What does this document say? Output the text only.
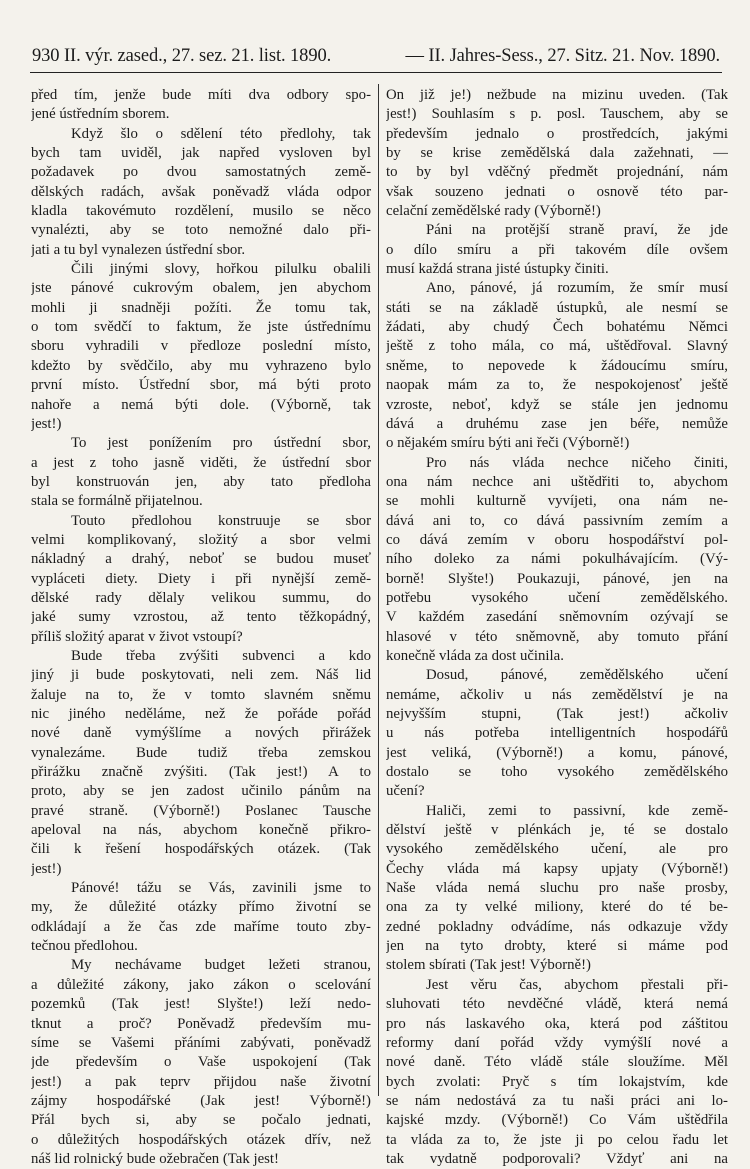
930 II. výr. zased., 27. sez. 21. list. 1890.	— II. Jahres-Sess., 27. Sitz. 21. Nov. 1890.
před tím, jenže bude míti dva odbory spo-
jené ústředním sborem.
Když šlo o sdělení této předlohy, tak
bych tam uviděl, jak napřed vysloven byl
požadavek po dvou samostatných země-
dělských radách, avšak poněvadž vláda odpor
kladla takovémuto rozdělení, musilo se něco
vynalézti, aby se toto nemožné dalo při-
jati a tu byl vynalezen ústřední sbor.
Čili jinými slovy, hořkou pilulku obalili
jste pánové cukrovým obalem, jen abychom
mohli ji snadněji požíti. Že tomu tak,
o tom svědčí to faktum, že jste ústřednímu
sboru vyhradili v předloze poslední místo,
kdežto by svědčilo, aby mu vyhrazeno bylo
první místo. Ústřední sbor, má býti proto
nahoře a nemá býti dole. (Výborně, tak
jest!)
To jest ponížením pro ústřední sbor,
a jest z toho jasně viděti, že ústřední sbor
byl konstruován jen, aby tato předloha
stala se formálně přijatelnou.
Touto předlohou konstruuje se sbor
velmi komplikovaný, složitý a sbor velmi
nákladný a drahý, neboť se budou museť
vypláceti diety. Diety i při nynější země-
dělské rady dělaly velikou summu, do
jaké sumy vzrostou, až tento těžkopádný,
příliš složitý aparat v život vstoupí?
Bude třeba zvýšiti subvenci a kdo
jiný ji bude poskytovati, neli zem. Náš lid
žaluje na to, že v tomto slavném sněmu
nic jiného neděláme, než že pořáde pořád
nové daně vymýšlíme a nových přirážek
vynalezáme. Bude tudiž třeba zemskou
přirážku značně zvýšiti. (Tak jest!) A to
proto, aby se jen zadost učinilo pánům na
pravé straně. (Výborně!) Poslanec Tausche
apeloval na nás, abychom konečně přikro-
čili k řešení hospodářských otázek. (Tak
jest!)
Pánové! tážu se Vás, zavinili jsme to
my, že důležité otázky přímo životní se
odkládají a že čas zde maříme touto zby-
tečnou předlohou.
My nechávame budget ležeti stranou,
a důležité zákony, jako zákon o scelování
pozemků (Tak jest! Slyšte!) leží nedo-
tknut a proč? Poněvadž především mu-
síme se Vašemi přáními zabývati, poněvadž
jde především o Vaše uspokojení (Tak
jest!) a pak teprv přijdou naše životní
zájmy hospodářské (Jak jest! Výborně!)
Přál bych si, aby se počalo jednati,
o důležitých hospodářských otázek dřív, než
náš lid rolnický bude ožebračen (Tak jest!
On již je!) nežbude na mizinu uveden. (Tak
jest!) Souhlasím s p. posl. Tauschem, aby se
především jednalo o prostředcích, jakými
by se krise zemědělská dala zažehnati, —
to by byl vděčný předmět projednání, nám
však souzeno jednati o osnově této par-
celační zemědělské rady (Výborně!)
Páni na protější straně praví, že jde
o dílo smíru a při takovém díle ovšem
musí každá strana jisté ústupky činiti.
Ano, pánové, já rozumím, že smír musí
státi se na základě ústupků, ale nesmí se
žádati, aby chudý Čech bohatému Němci
ještě z toho mála, co má, uštědřoval. Slavný
sněme, to nepovede k žádoucímu smíru,
naopak mám za to, že nespokojenosť ještě
vzroste, neboť, když se stále jen jednomu
dává a druhému zase jen béře, nemůže
o nějakém smíru býti ani řeči (Výborně!)
Pro nás vláda nechce ničeho činiti,
ona nám nechce ani uštědřiti to, abychom
se mohli kulturně vyvíjeti, ona nám ne-
dává ani to, co dává passivním zemím a
co dává zemím v oboru hospodářství pol-
ního doleko za námi pokulhávajícím. (Vý-
borně! Slyšte!) Poukazuji, pánové, jen na
potřebu vysokého učení zemědělského.
V každém zasedání sněmovním ozývají se
hlasové v této sněmovně, aby tomuto přání
konečně vláda za dost učinila.
Dosud, pánové, zemědělského učení
nemáme, ačkoliv u nás zemědělství je na
nejvyšším stupni, (Tak jest!) ačkoliv
u nás potřeba intelligentních hospodářů
jest veliká, (Výborně!) a komu, pánové,
dostalo se toho vysokého zemědělského
učení?
Haliči, zemi to passivní, kde země-
dělství ještě v plénkách je, té se dostalo
vysokého zemědělského učení, ale pro
Čechy vláda má kapsy upjaty (Výborně!)
Naše vláda nemá sluchu pro naše prosby,
ona za ty velké miliony, které do té be-
zedné pokladny odvádíme, nás odkazuje vždy
jen na tyto drobty, které si máme pod
stolem sbírati (Tak jest! Výborně!)
Jest věru čas, abychom přestali při-
sluhovati této nevděčné vládě, která nemá
pro nás laskavého oka, která pod záštitou
reformy daní pořád vždy vymýšlí nové a
nové daně. Této vládě stále sloužíme. Měl
bych zvolati: Pryč s tím lokajstvím, kde
se nám nedostává za tu naši práci ani lo-
kajské mzdy. (Výborně!) Co Vám uštědřila
ta vláda za to, že jste ji po celou řadu let
tak vydatně podporovali? Vždyť ani na
